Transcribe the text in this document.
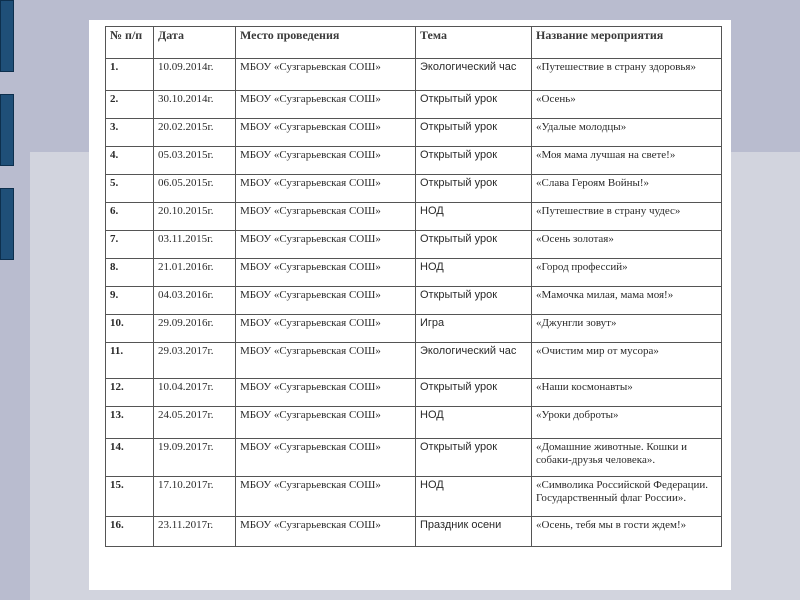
№ п/п	Дата	Место проведения	Тема	Название мероприятия
1.	10.09.2014г.	МБОУ «Сузгарьевская СОШ»	Экологический час	«Путешествие в страну здоровья»
2.	30.10.2014г.	МБОУ «Сузгарьевская СОШ»	Открытый урок	«Осень»
3.	20.02.2015г.	МБОУ «Сузгарьевская СОШ»	Открытый урок	«Удалые молодцы»
4.	05.03.2015г.	МБОУ «Сузгарьевская СОШ»	Открытый урок	«Моя мама лучшая на свете!»
5.	06.05.2015г.	МБОУ «Сузгарьевская СОШ»	Открытый урок	«Слава Героям Войны!»
6.	20.10.2015г.	МБОУ «Сузгарьевская СОШ»	НОД	«Путешествие в страну чудес»
7.	03.11.2015г.	МБОУ «Сузгарьевская СОШ»	Открытый урок	«Осень золотая»
8.	21.01.2016г.	МБОУ «Сузгарьевская СОШ»	НОД	«Город профессий»
9.	04.03.2016г.	МБОУ «Сузгарьевская СОШ»	Открытый урок	«Мамочка милая, мама моя!»
10.	29.09.2016г.	МБОУ «Сузгарьевская СОШ»	Игра	«Джунгли зовут»
11.	29.03.2017г.	МБОУ «Сузгарьевская СОШ»	Экологический час	«Очистим мир от мусора»
12.	10.04.2017г.	МБОУ «Сузгарьевская СОШ»	Открытый урок	«Наши космонавты»
13.	24.05.2017г.	МБОУ «Сузгарьевская СОШ»	НОД	«Уроки доброты»
14.	19.09.2017г.	МБОУ «Сузгарьевская СОШ»	Открытый урок	«Домашние животные. Кошки и собаки-друзья человека».
15.	17.10.2017г.	МБОУ «Сузгарьевская СОШ»	НОД	«Символика Российской Федерации. Государственный флаг России».
16.	23.11.2017г.	МБОУ «Сузгарьевская СОШ»	Праздник осени	«Осень, тебя мы в гости ждем!»
